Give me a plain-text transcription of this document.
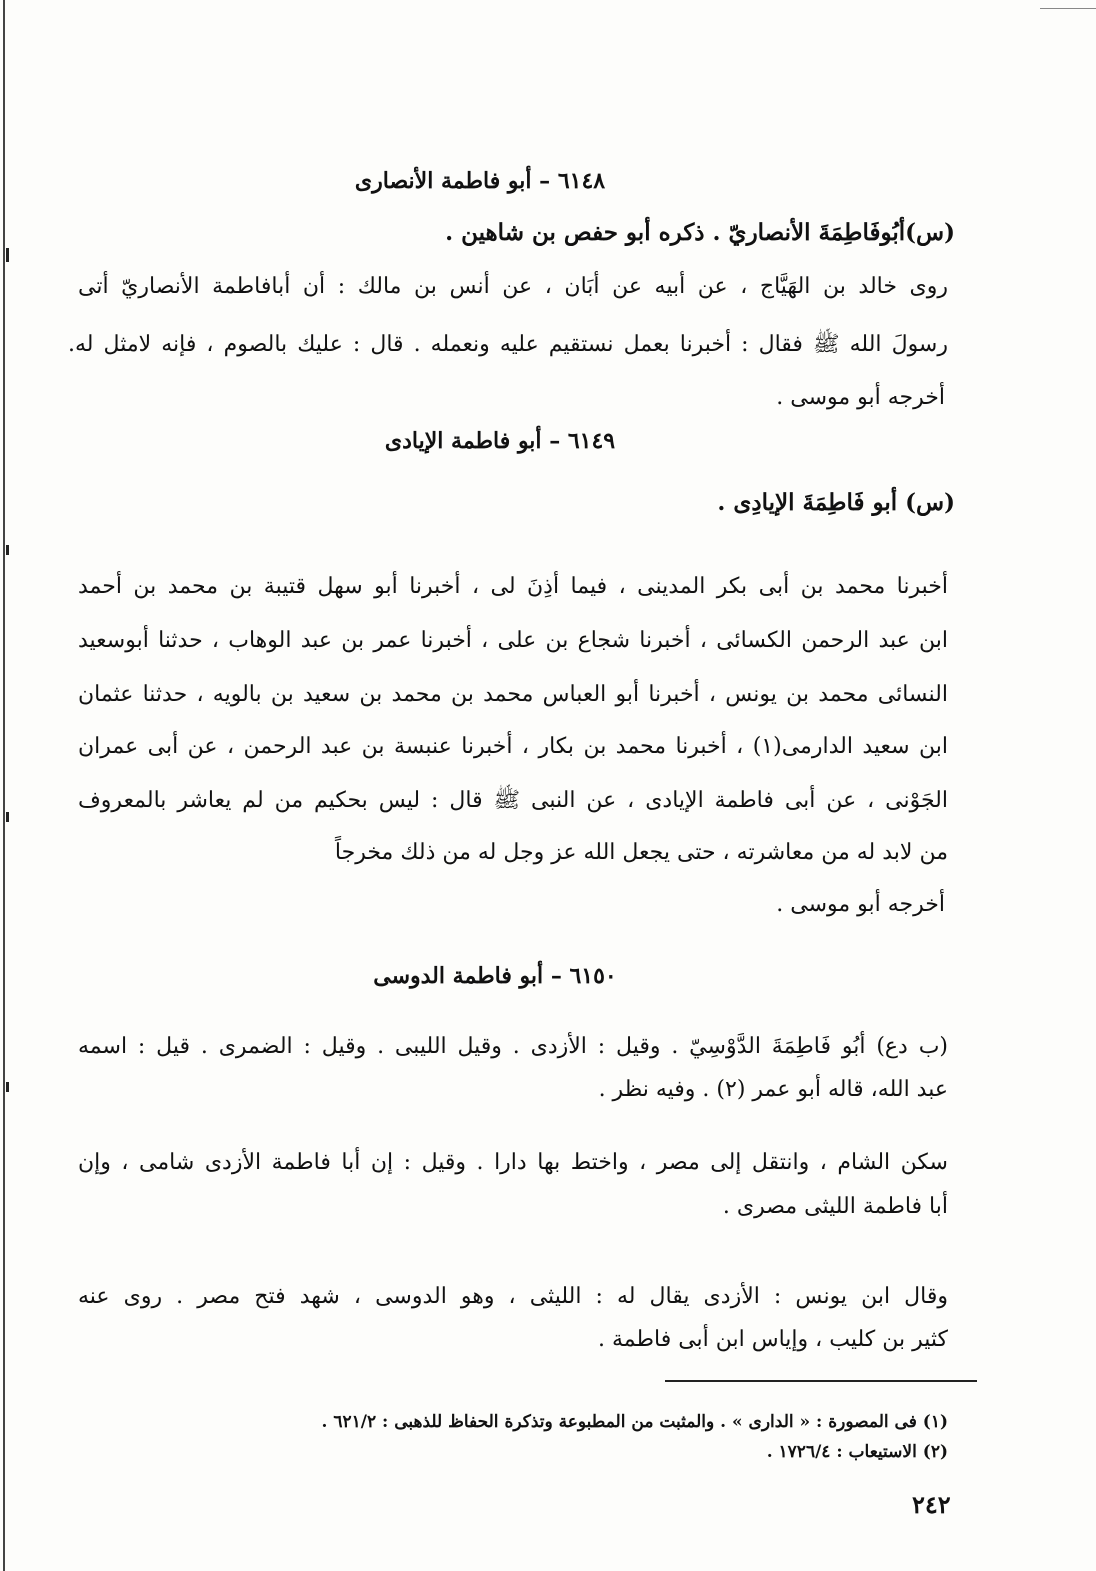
٦١٤٨ – أبو فاطمة الأنصارى
(س)أبُوفَاطِمَةَ الأنصاريّ . ذكره أبو حفص بن شاهين .
روى خالد بن الهَيَّاج ، عن أبيه عن أبَان ، عن أنس بن مالك : أن أبافاطمة الأنصاريّ أتى
رسولَ الله ﷺ فقال : أخبرنا بعمل نستقيم عليه ونعمله . قال : عليك بالصوم ، فإنه لامثل له.
أخرجه أبو موسى .
٦١٤٩ – أبو فاطمة الإيادى
(س) أبو فَاطِمَةَ الإيادِى .
أخبرنا محمد بن أبى بكر المدينى ، فيما أذِنَ لى ، أخبرنا أبو سهل قتيبة بن محمد بن أحمد
ابن عبد الرحمن الكسائى ، أخبرنا شجاع بن على ، أخبرنا عمر بن عبد الوهاب ، حدثنا أبوسعيد
النسائى محمد بن يونس ، أخبرنا أبو العباس محمد بن محمد بن سعيد بن بالويه ، حدثنا عثمان
ابن سعيد الدارمى(١) ، أخبرنا محمد بن بكار ، أخبرنا عنبسة بن عبد الرحمن ، عن أبى عمران
الجَوْنى ، عن أبى فاطمة الإيادى ، عن النبى ﷺ قال : ليس بحكيم من لم يعاشر بالمعروف
من لابد له من معاشرته ، حتى يجعل الله عز وجل له من ذلك مخرجاً
أخرجه أبو موسى .
٦١٥٠ – أبو فاطمة الدوسى
(ب دع) أبُو فَاطِمَةَ الدَّوْسِيّ . وقيل : الأزدى . وقيل الليبى . وقيل : الضمرى . قيل : اسمه
عبد الله، قاله أبو عمر (٢) . وفيه نظر .
سكن الشام ، وانتقل إلى مصر ، واختط بها دارا . وقيل : إن أبا فاطمة الأزدى شامى ، وإن
أبا فاطمة الليثى مصرى .
وقال ابن يونس : الأزدى يقال له : الليثى ، وهو الدوسى ، شهد فتح مصر . روى عنه
كثير بن كليب ، وإياس ابن أبى فاطمة .
(١) فى المصورة : « الدارى » . والمثبت من المطبوعة وتذكرة الحفاظ للذهبى : ٦٢١/٢ .
(٢) الاستيعاب : ١٧٢٦/٤ .
٢٤٢
